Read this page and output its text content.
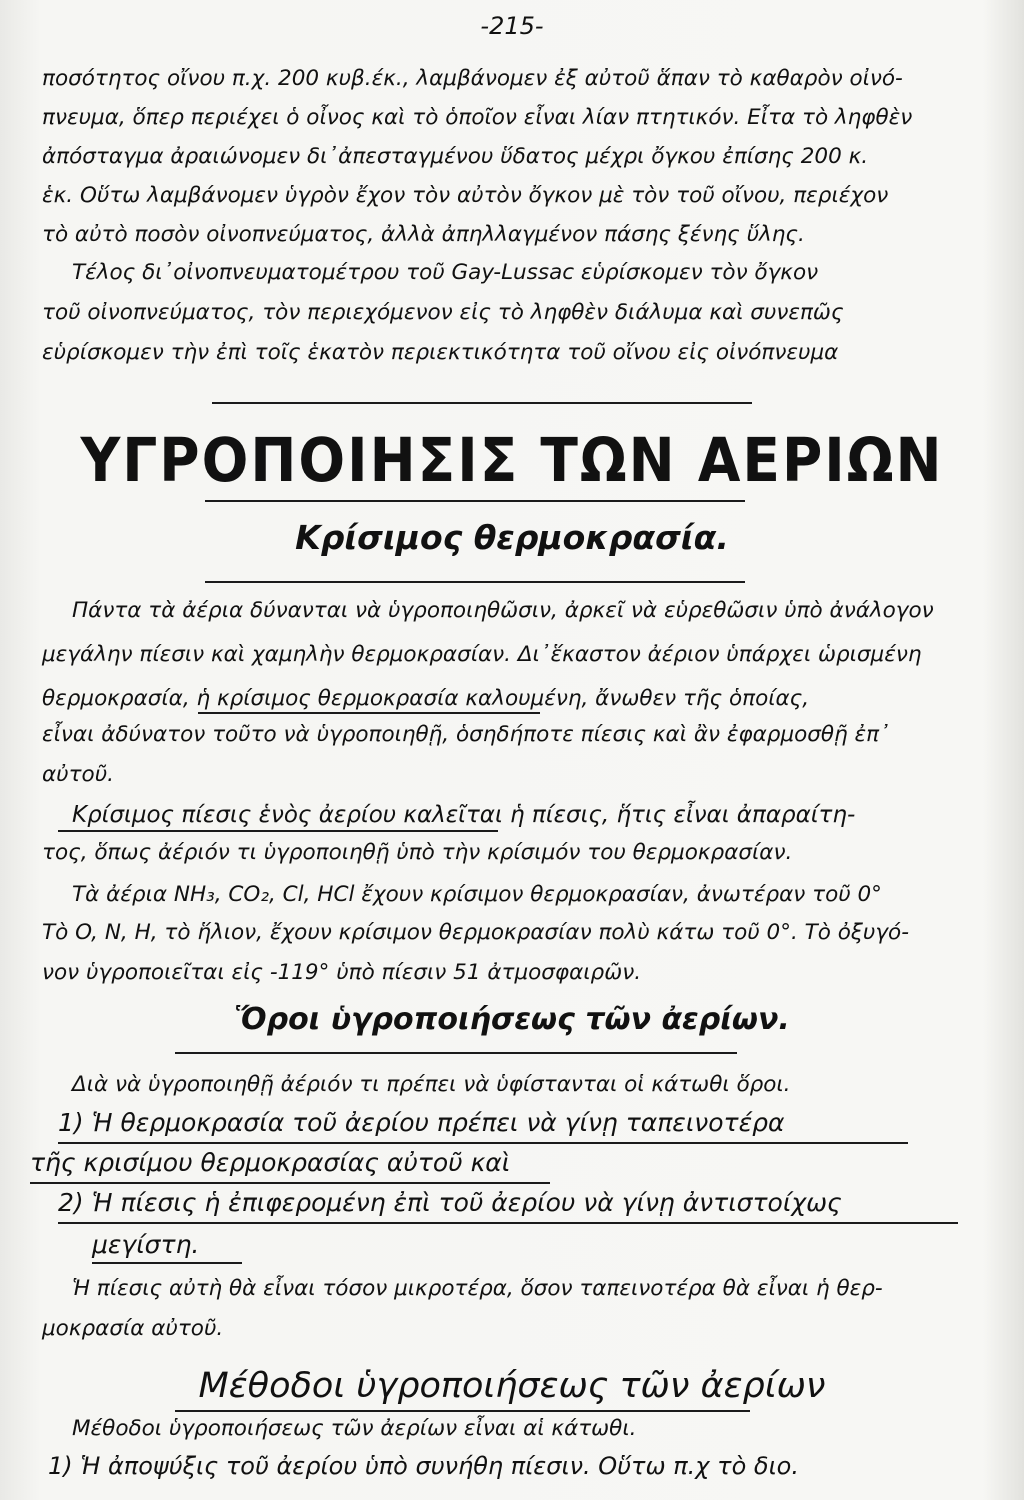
-215-
ποσότητος οἴνου π.χ. 200 κυβ.έκ., λαμβάνομεν ἐξ αὐτοῦ ἅπαν τὸ καθαρὸν οἰνό-
πνευμα, ὅπερ περιέχει ὁ οἶνος καὶ τὸ ὁποῖον εἶναι λίαν πτητικόν. Εἶτα τὸ ληφθὲν
ἀπόσταγμα ἀραιώνομεν δι᾽ἀπεσταγμένου ὕδατος μέχρι ὄγκου ἐπίσης 200 κ.
ἑκ. Οὕτω λαμβάνομεν ὑγρὸν ἔχον τὸν αὐτὸν ὄγκον μὲ τὸν τοῦ οἴνου, περιέχον
τὸ αὐτὸ ποσὸν οἰνοπνεύματος, ἀλλὰ ἀπηλλαγμένον πάσης ξένης ὕλης.
Τέλος δι᾽οἰνοπνευματομέτρου τοῦ Gay-Lussac εὑρίσκομεν τὸν ὄγκον
τοῦ οἰνοπνεύματος, τὸν περιεχόμενον εἰς τὸ ληφθὲν διάλυμα καὶ συνεπῶς
εὑρίσκομεν τὴν ἐπὶ τοῖς ἑκατὸν περιεκτικότητα τοῦ οἴνου εἰς οἰνόπνευμα
ΥΓΡΟΠΟΙΗΣΙΣ ΤΩΝ ΑΕΡΙΩΝ
Κρίσιμος θερμοκρασία.
Πάντα τὰ ἀέρια δύνανται νὰ ὑγροποιηθῶσιν, ἀρκεῖ νὰ εὑρεθῶσιν ὑπὸ ἀνάλογον
μεγάλην πίεσιν καὶ χαμηλὴν θερμοκρασίαν. Δι᾽ἕκαστον ἀέριον ὑπάρχει ὡρισμένη
θερμοκρασία, ἡ κρίσιμος θερμοκρασία καλουμένη, ἄνωθεν τῆς ὁποίας,
εἶναι ἀδύνατον τοῦτο νὰ ὑγροποιηθῇ, ὁσηδήποτε πίεσις καὶ ἂν ἐφαρμοσθῇ ἐπ᾽
αὐτοῦ.
Κρίσιμος πίεσις ἑνὸς ἀερίου καλεῖται ἡ πίεσις, ἥτις εἶναι ἀπαραίτη-
τος, ὅπως ἀέριόν τι ὑγροποιηθῇ ὑπὸ τὴν κρίσιμόν του θερμοκρασίαν.
Τὰ ἀέρια NH₃, CO₂, Cl, HCl ἔχουν κρίσιμον θερμοκρασίαν, ἀνωτέραν τοῦ 0°
Τὸ O, N, H, τὸ ἥλιον, ἔχουν κρίσιμον θερμοκρασίαν πολὺ κάτω τοῦ 0°. Τὸ ὀξυγό-
νον ὑγροποιεῖται εἰς -119° ὑπὸ πίεσιν 51 ἀτμοσφαιρῶν.
Ὅροι ὑγροποιήσεως τῶν ἀερίων.
Διὰ νὰ ὑγροποιηθῇ ἀέριόν τι πρέπει νὰ ὑφίστανται οἱ κάτωθι ὅροι.
1) Ἡ θερμοκρασία τοῦ ἀερίου πρέπει νὰ γίνῃ ταπεινοτέρα
τῆς κρισίμου θερμοκρασίας αὐτοῦ καὶ
2) Ἡ πίεσις ἡ ἐπιφερομένη ἐπὶ τοῦ ἀερίου νὰ γίνῃ ἀντιστοίχως
μεγίστη.
Ἡ πίεσις αὐτὴ θὰ εἶναι τόσον μικροτέρα, ὅσον ταπεινοτέρα θὰ εἶναι ἡ θερ-
μοκρασία αὐτοῦ.
Μέθοδοι ὑγροποιήσεως τῶν ἀερίων
Μέθοδοι ὑγροποιήσεως τῶν ἀερίων εἶναι αἱ κάτωθι.
1) Ἡ ἀποψύξις τοῦ ἀερίου ὑπὸ συνήθη πίεσιν. Οὕτω π.χ τὸ διο.
